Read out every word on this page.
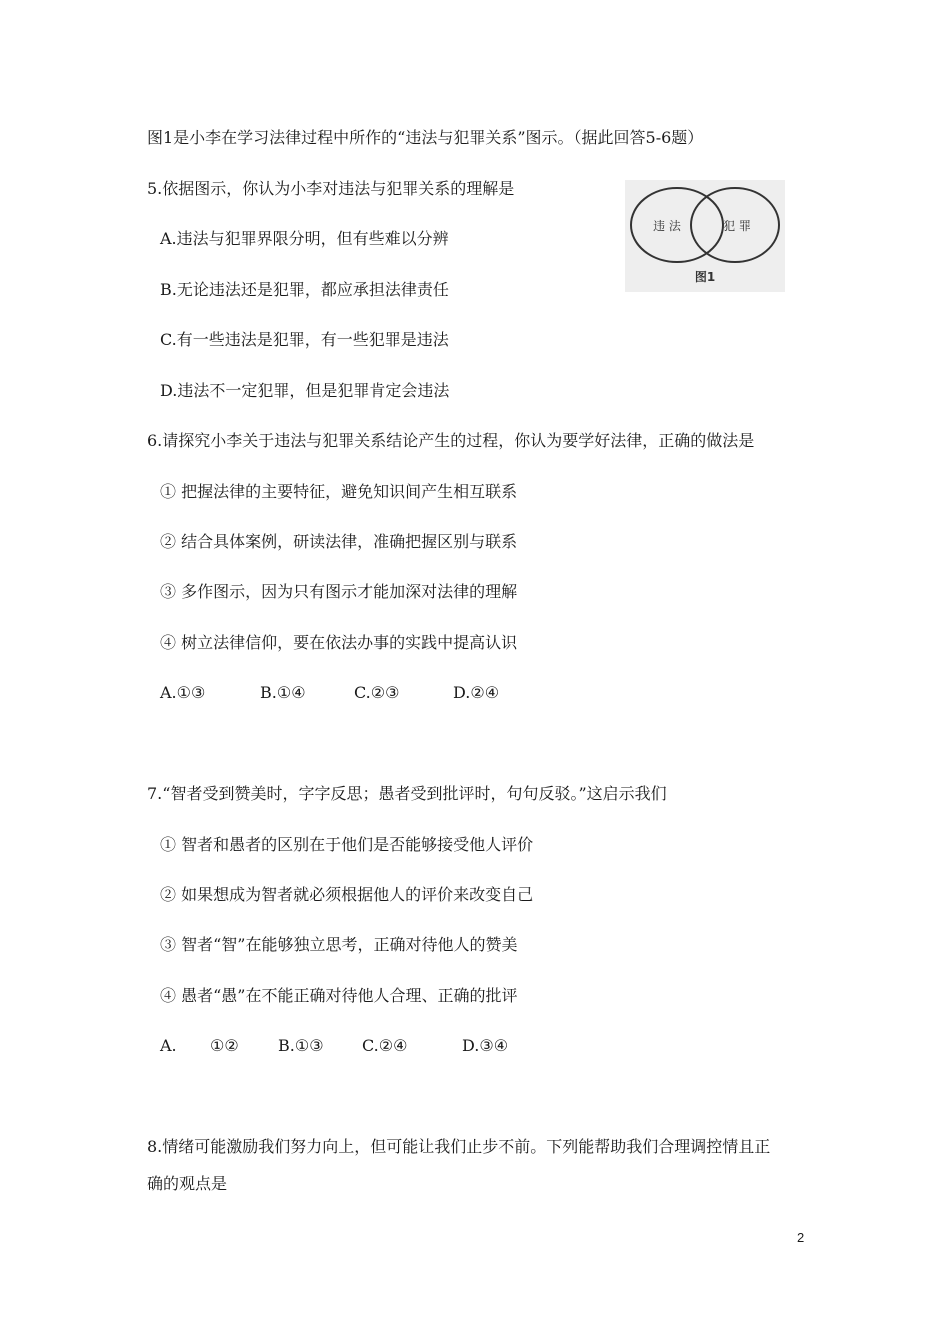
图1是小李在学习法律过程中所作的“违法与犯罪关系”图示。（据此回答5-6题）
5.依据图示，你认为小李对违法与犯罪关系的理解是
A.违法与犯罪界限分明，但有些难以分辨
B.无论违法还是犯罪，都应承担法律责任
C.有一些违法是犯罪，有一些犯罪是违法
D.违法不一定犯罪，但是犯罪肯定会违法
违 法	犯 罪
图1
6.请探究小李关于违法与犯罪关系结论产生的过程，你认为要学好法律，正确的做法是
① 把握法律的主要特征，避免知识间产生相互联系
② 结合具体案例，研读法律，准确把握区别与联系
③ 多作图示，因为只有图示才能加深对法律的理解
④ 树立法律信仰，要在依法办事的实践中提高认识
A.①③	B.①④	C.②③	D.②④
7.“智者受到赞美时，字字反思；愚者受到批评时，句句反驳。”这启示我们
① 智者和愚者的区别在于他们是否能够接受他人评价
② 如果想成为智者就必须根据他人的评价来改变自己
③ 智者“智”在能够独立思考，正确对待他人的赞美
④ 愚者“愚”在不能正确对待他人合理、正确的批评
A. ①② B.①③ C.②④	D.③④
8.情绪可能激励我们努力向上，但可能让我们止步不前。下列能帮助我们合理调控情且正
确的观点是
2
